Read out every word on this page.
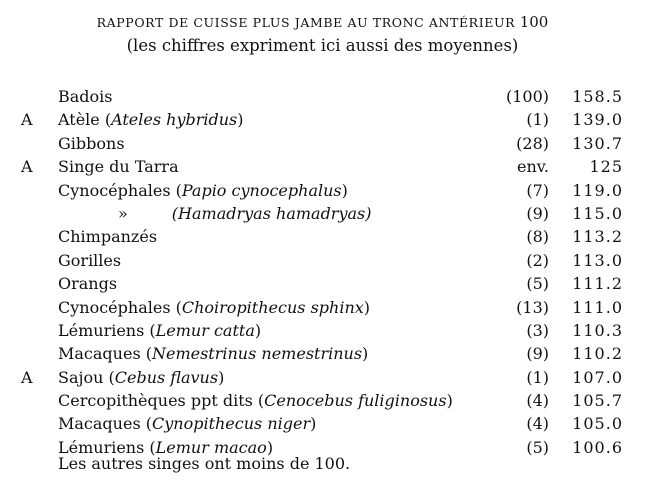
RAPPORT DE CUISSE PLUS JAMBE AU TRONC ANTÉRIEUR 100
(les chiffres expriment ici aussi des moyennes)
Badois	(100) 158.5
A Atèle (Ateles hybridus)	(1) 139.0
Gibbons	(28) 130.7
A Singe du Tarra	env.	125
Cynocéphales (Papio cynocephalus)	(7) 119.0
»	(Hamadryas hamadryas)	(9) 115.0
Chimpanzés	(8) 113.2
Gorilles	(2) 113.0
Orangs	(5) 111.2
Cynocéphales (Choiropithecus sphinx)	(13) 111.0
Lémuriens (Lemur catta)	(3) 110.3
Macaques (Nemestrinus nemestrinus)	(9) 110.2
A Sajou (Cebus flavus)	(1) 107.0
Cercopithèques ppt dits (Cenocebus fuliginosus)	(4) 105.7
Macaques (Cynopithecus niger)	(4) 105.0
Lémuriens (Lemur macao)	(5) 100.6
Les autres singes ont moins de 100.
